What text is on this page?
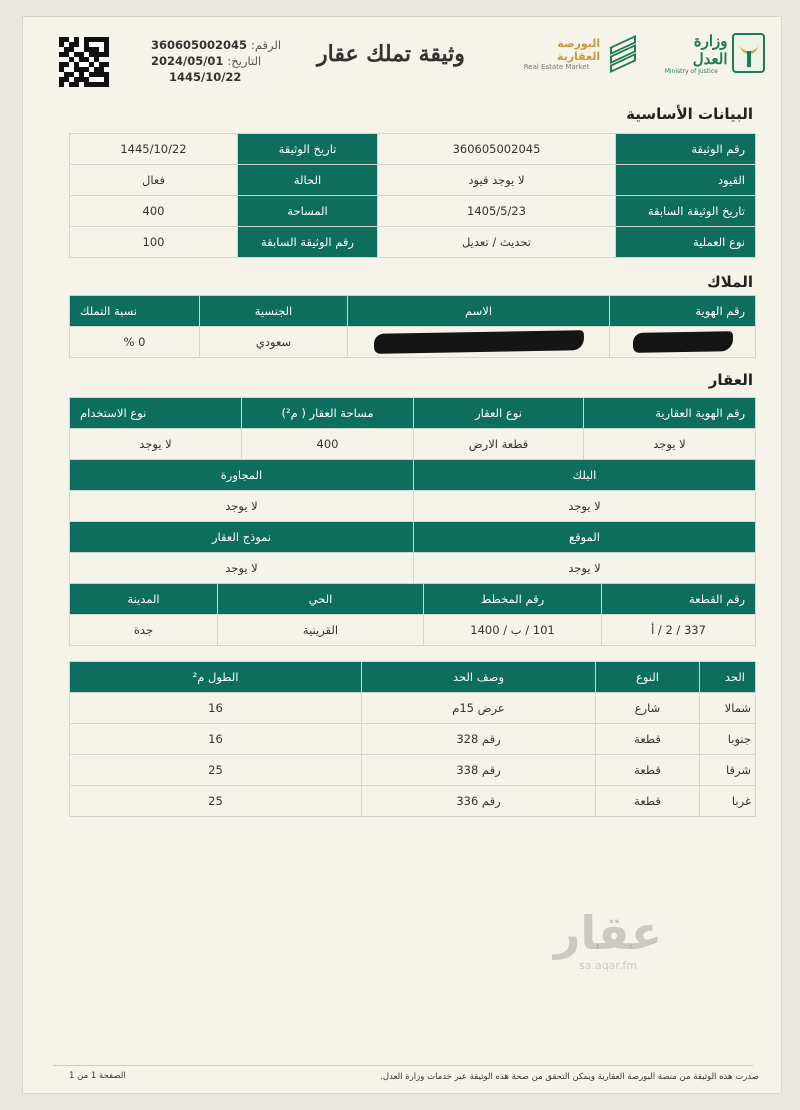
وزارة العدل
Ministry of Justice
البورصة العقارية
Real Estate Market
وثيقة تملك عقار
الرقم:
360605002045
التاريخ:
2024/05/01
1445/10/22
البيانات الأساسية
رقم الوثيقة	360605002045	تاريخ الوثيقة	1445/10/22
القيود	لا يوجد قيود	الحالة	فعال
تاريخ الوثيقة السابقة	1405/5/23	المساحة	400
نوع العملية	تحديث / تعديل	رقم الوثيقة السابقة	100
الملاك
رقم الهوية	الاسم	الجنسية	نسبة التملك
		سعودي	0 %
العقار
رقم الهوية العقارية	نوع العقار	مساحة العقار ( م²)	نوع الاستخدام
لا يوجد	قطعة الارض	400	لا يوجد
البلك	المجاورة
لا يوجد	لا يوجد
الموقع	نموذج العقار
لا يوجد	لا يوجد
رقم القطعة	رقم المخطط	الحي	المدينة
337 / 2 / أ	101 / ب / 1400	القرينية	جدة
الحد	النوع	وصف الحد	الطول م²
شمالا	شارع	عرض 15م	16
جنوبا	قطعة	رقم 328	16
شرقا	قطعة	رقم 338	25
غربا	قطعة	رقم 336	25
عقار
sa.aqar.fm
صدرت هذه الوثيقة من منصة البورصة العقارية ويمكن التحقق من صحة هذه الوثيقة عبر خدمات وزارة العدل.
الصفحة 1 من 1
